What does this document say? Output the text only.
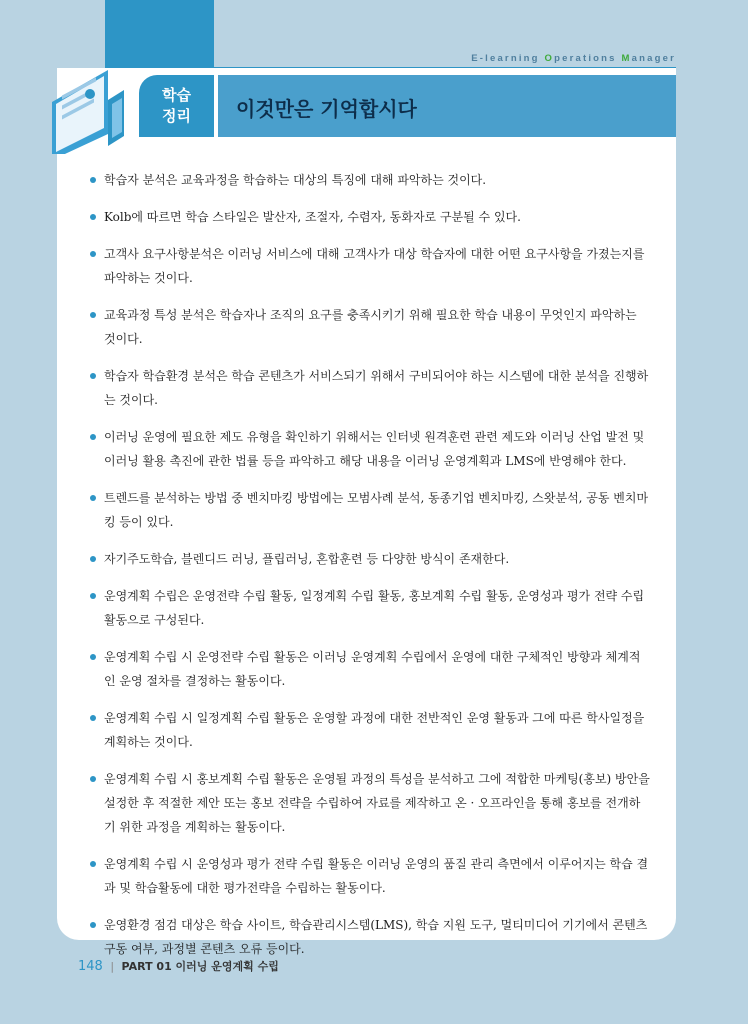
E-learning Operations Manager
이것만은 기억합시다
학습
정리
학습자 분석은 교육과정을 학습하는 대상의 특징에 대해 파악하는 것이다.
Kolb에 따르면 학습 스타일은 발산자, 조절자, 수렴자, 동화자로 구분될 수 있다.
고객사 요구사항분석은 이러닝 서비스에 대해 고객사가 대상 학습자에 대한 어떤 요구사항을 가졌는지를 파악하는 것이다.
교육과정 특성 분석은 학습자나 조직의 요구를 충족시키기 위해 필요한 학습 내용이 무엇인지 파악하는 것이다.
학습자 학습환경 분석은 학습 콘텐츠가 서비스되기 위해서 구비되어야 하는 시스템에 대한 분석을 진행하는 것이다.
이러닝 운영에 필요한 제도 유형을 확인하기 위해서는 인터넷 원격훈련 관련 제도와 이러닝 산업 발전 및 이러닝 활용 촉진에 관한 법률 등을 파악하고 해당 내용을 이러닝 운영계획과 LMS에 반영해야 한다.
트렌드를 분석하는 방법 중 벤치마킹 방법에는 모범사례 분석, 동종기업 벤치마킹, 스왓분석, 공동 벤치마킹 등이 있다.
자기주도학습, 블렌디드 러닝, 플립러닝, 혼합훈련 등 다양한 방식이 존재한다.
운영계획 수립은 운영전략 수립 활동, 일정계획 수립 활동, 홍보계획 수립 활동, 운영성과 평가 전략 수립 활동으로 구성된다.
운영계획 수립 시 운영전략 수립 활동은 이러닝 운영계획 수립에서 운영에 대한 구체적인 방향과 체계적인 운영 절차를 결정하는 활동이다.
운영계획 수립 시 일정계획 수립 활동은 운영할 과정에 대한 전반적인 운영 활동과 그에 따른 학사일정을 계획하는 것이다.
운영계획 수립 시 홍보계획 수립 활동은 운영될 과정의 특성을 분석하고 그에 적합한 마케팅(홍보) 방안을 설정한 후 적절한 제안 또는 홍보 전략을 수립하여 자료를 제작하고 온 · 오프라인을 통해 홍보를 전개하기 위한 과정을 계획하는 활동이다.
운영계획 수립 시 운영성과 평가 전략 수립 활동은 이러닝 운영의 품질 관리 측면에서 이루어지는 학습 결과 및 학습활동에 대한 평가전략을 수립하는 활동이다.
운영환경 점검 대상은 학습 사이트, 학습관리시스템(LMS), 학습 지원 도구, 멀티미디어 기기에서 콘텐츠 구동 여부, 과정별 콘텐츠 오류 등이다.
148 | PART 01 이러닝 운영계획 수립
